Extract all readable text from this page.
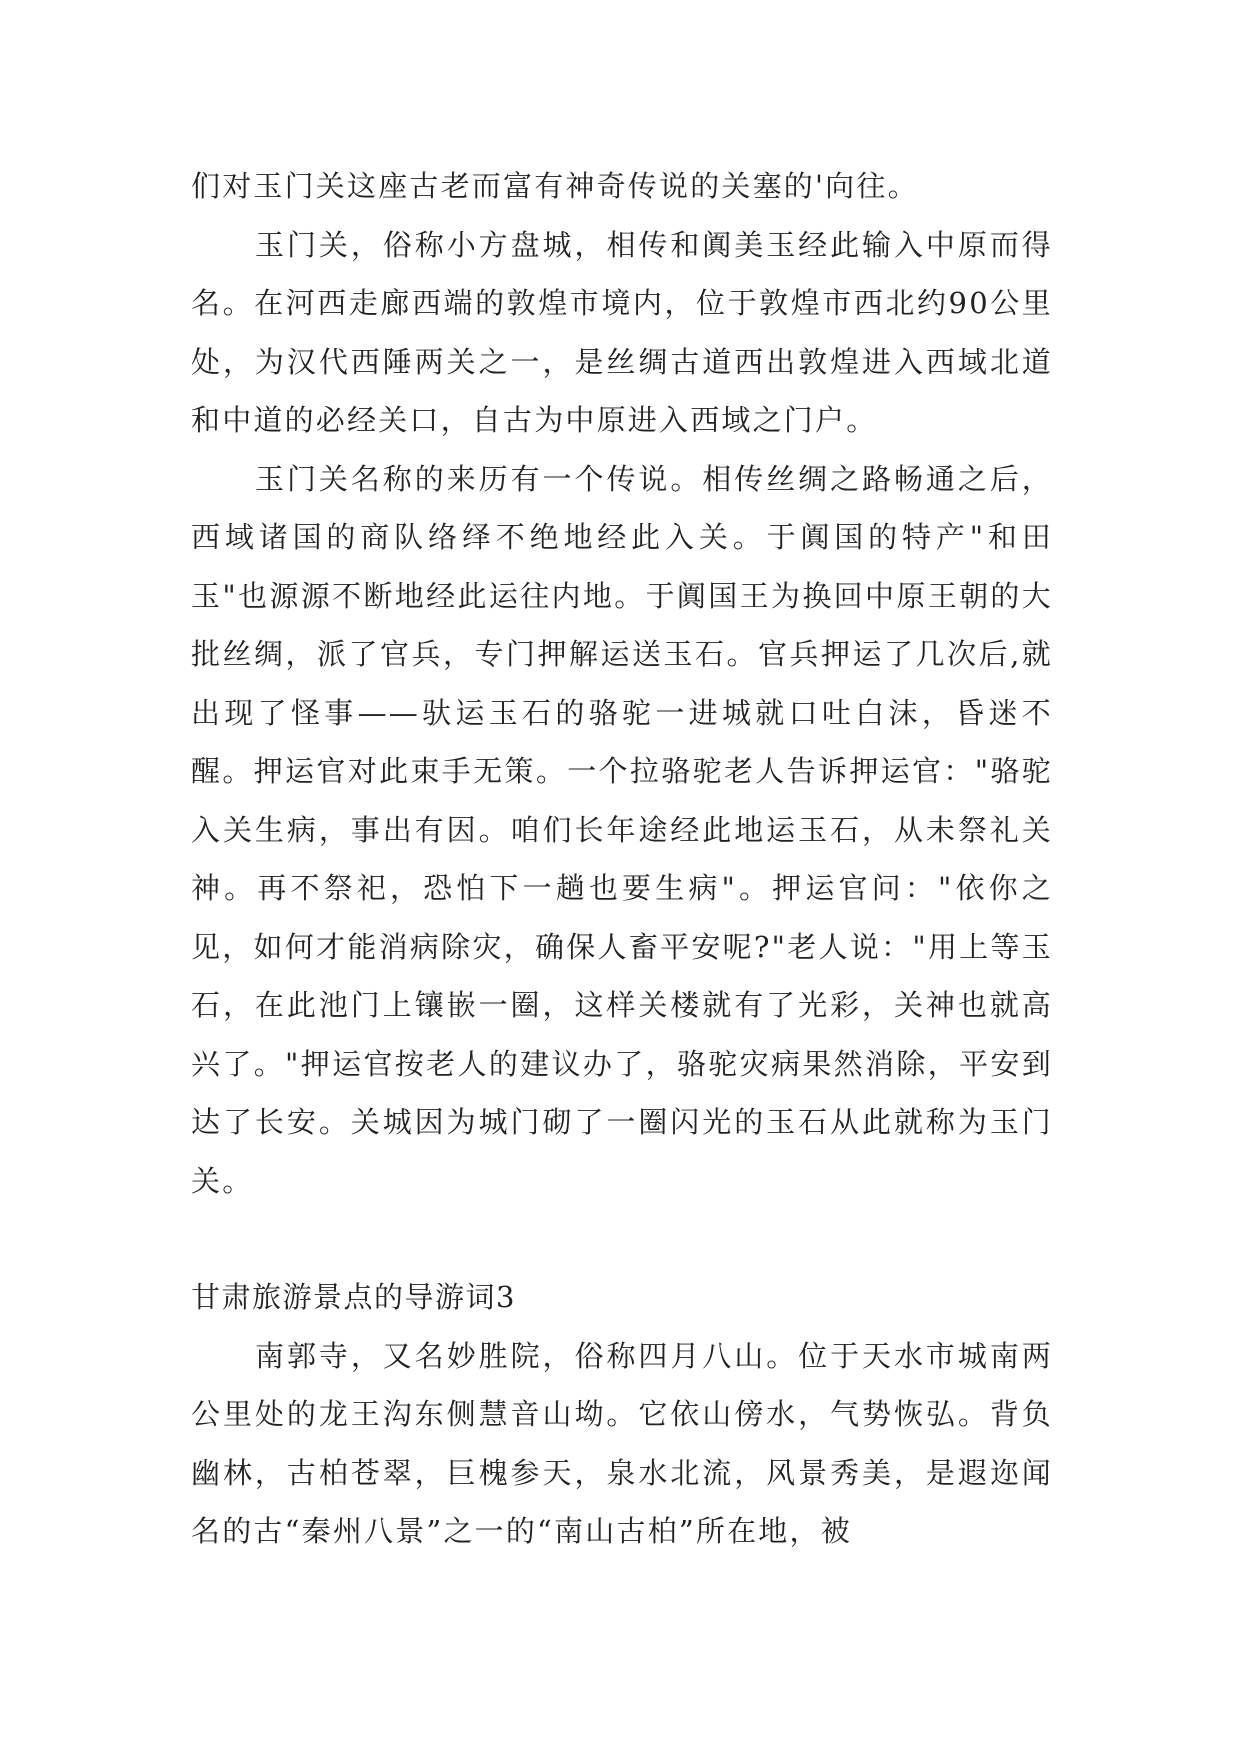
们对玉门关这座古老而富有神奇传说的关塞的'向往。

玉门关，俗称小方盘城，相传和阗美玉经此输入中原而得名。在河西走廊西端的敦煌市境内，位于敦煌市西北约90公里处，为汉代西陲两关之一，是丝绸古道西出敦煌进入西域北道和中道的必经关口，自古为中原进入西域之门户。

玉门关名称的来历有一个传说。相传丝绸之路畅通之后，西域诸国的商队络绎不绝地经此入关。于阗国的特产"和田玉"也源源不断地经此运往内地。于阗国王为换回中原王朝的大批丝绸，派了官兵，专门押解运送玉石。官兵押运了几次后,就出现了怪事——驮运玉石的骆驼一进城就口吐白沫，昏迷不醒。押运官对此束手无策。一个拉骆驼老人告诉押运官："骆驼入关生病，事出有因。咱们长年途经此地运玉石，从未祭礼关神。再不祭祀，恐怕下一趟也要生病"。押运官问："依你之见，如何才能消病除灾，确保人畜平安呢?"老人说："用上等玉石，在此池门上镶嵌一圈，这样关楼就有了光彩，关神也就高兴了。"押运官按老人的建议办了，骆驼灾病果然消除，平安到达了长安。关城因为城门砌了一圈闪光的玉石从此就称为玉门关。

甘肃旅游景点的导游词3

南郭寺，又名妙胜院，俗称四月八山。位于天水市城南两公里处的龙王沟东侧慧音山坳。它依山傍水，气势恢弘。背负幽林，古柏苍翠，巨槐参天，泉水北流，风景秀美，是遐迩闻名的古“秦州八景”之一的“南山古柏”所在地，被
